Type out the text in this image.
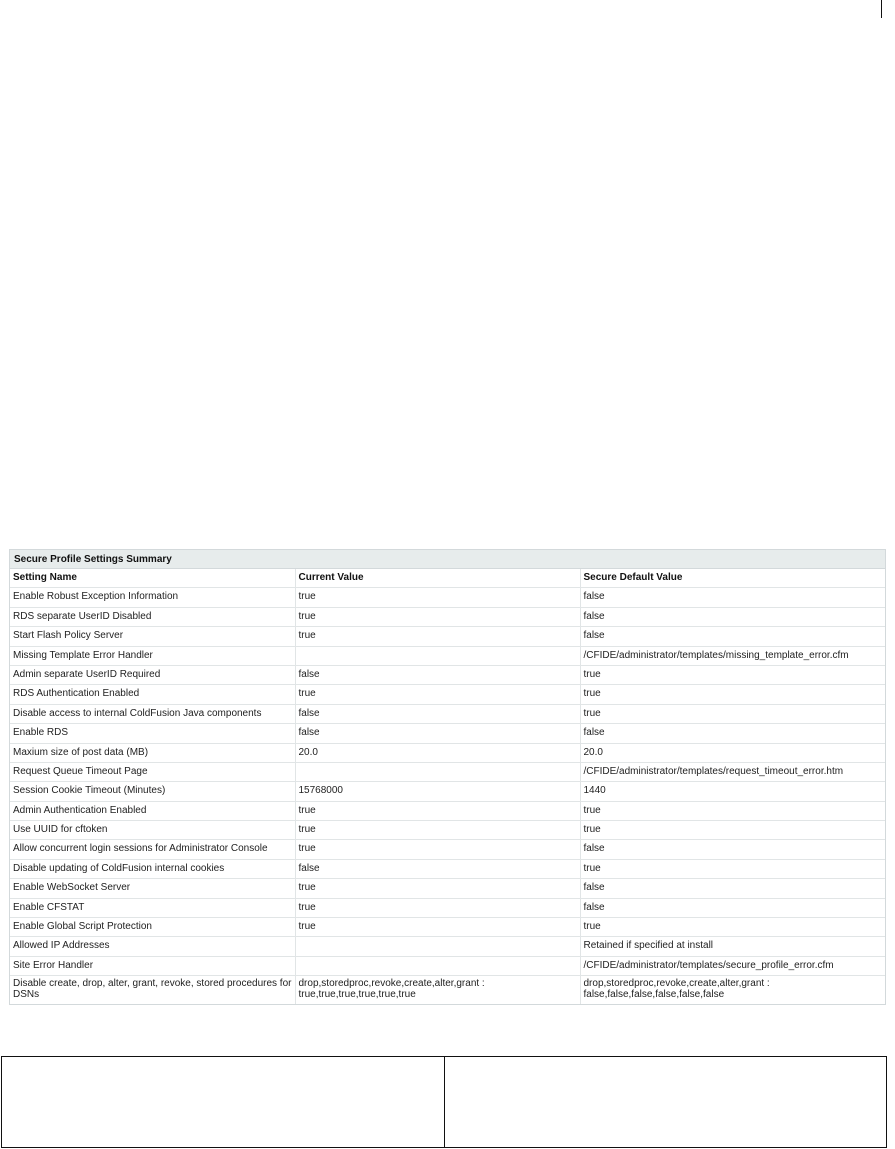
Secure Profile Settings Summary
Setting Name	Current Value	Secure Default Value
Enable Robust Exception Information	true	false
RDS separate UserID Disabled	true	false
Start Flash Policy Server	true	false
Missing Template Error Handler		/CFIDE/administrator/templates/missing_template_error.cfm
Admin separate UserID Required	false	true
RDS Authentication Enabled	true	true
Disable access to internal ColdFusion Java components	false	true
Enable RDS	false	false
Maxium size of post data (MB)	20.0	20.0
Request Queue Timeout Page		/CFIDE/administrator/templates/request_timeout_error.htm
Session Cookie Timeout (Minutes)	15768000	1440
Admin Authentication Enabled	true	true
Use UUID for cftoken	true	true
Allow concurrent login sessions for Administrator Console	true	false
Disable updating of ColdFusion internal cookies	false	true
Enable WebSocket Server	true	false
Enable CFSTAT	true	false
Enable Global Script Protection	true	true
Allowed IP Addresses		Retained if specified at install
Site Error Handler		/CFIDE/administrator/templates/secure_profile_error.cfm
Disable create, drop, alter, grant, revoke, stored procedures for DSNs	drop,storedproc,revoke,create,alter,grant : true,true,true,true,true,true	drop,storedproc,revoke,create,alter,grant : false,false,false,false,false,false
